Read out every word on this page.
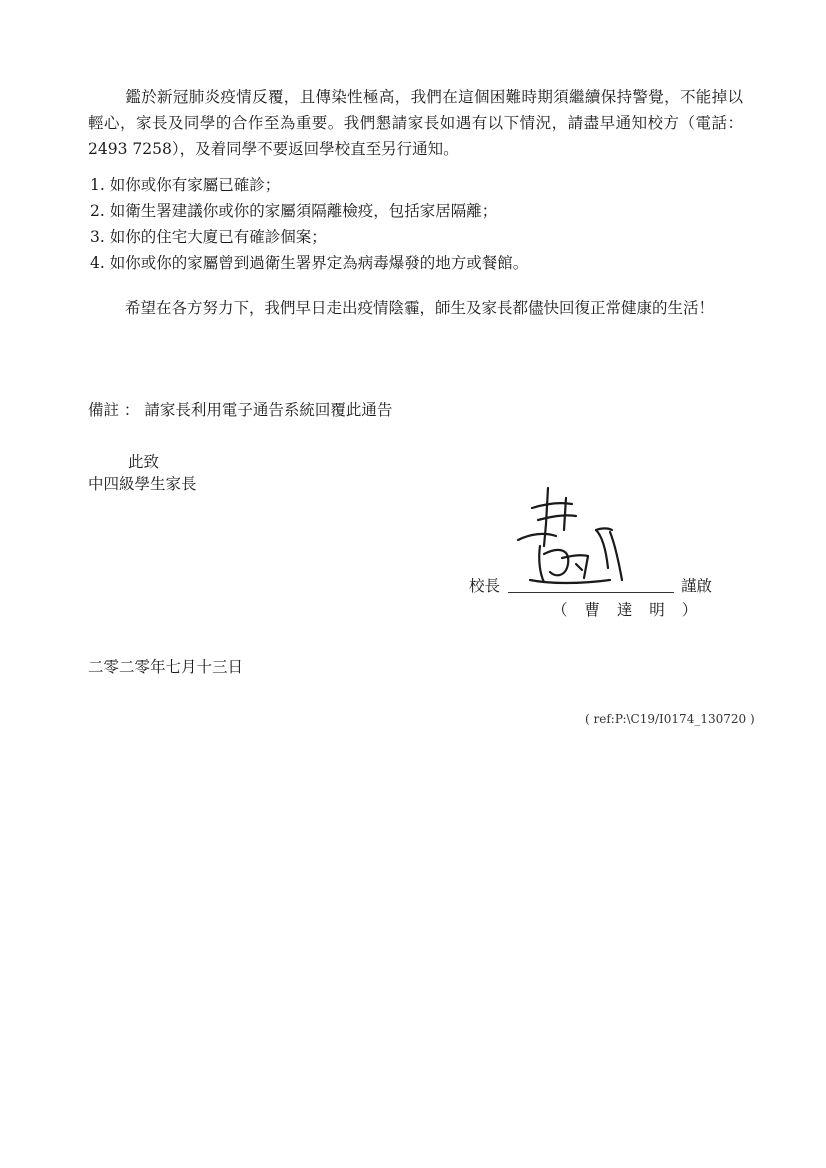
鑑於新冠肺炎疫情反覆，且傳染性極高，我們在這個困難時期須繼續保持警覺，不能掉以輕心，家長及同學的合作至為重要。我們懇請家長如遇有以下情況，請盡早通知校方（電話：2493 7258），及着同學不要返回學校直至另行通知。

1. 如你或你有家屬已確診；
2. 如衛生署建議你或你的家屬須隔離檢疫，包括家居隔離；
3. 如你的住宅大廈已有確診個案；
4. 如你或你的家屬曾到過衛生署界定為病毒爆發的地方或餐館。

希望在各方努力下，我們早日走出疫情陰霾，師生及家長都儘快回復正常健康的生活！

備註 ： 請家長利用電子通告系統回覆此通告
此致
中四級學生家長
校長	謹啟
（ 曹 達 明 ）
二零二零年七月十三日
( ref:P:\C19/I0174_130720 )
